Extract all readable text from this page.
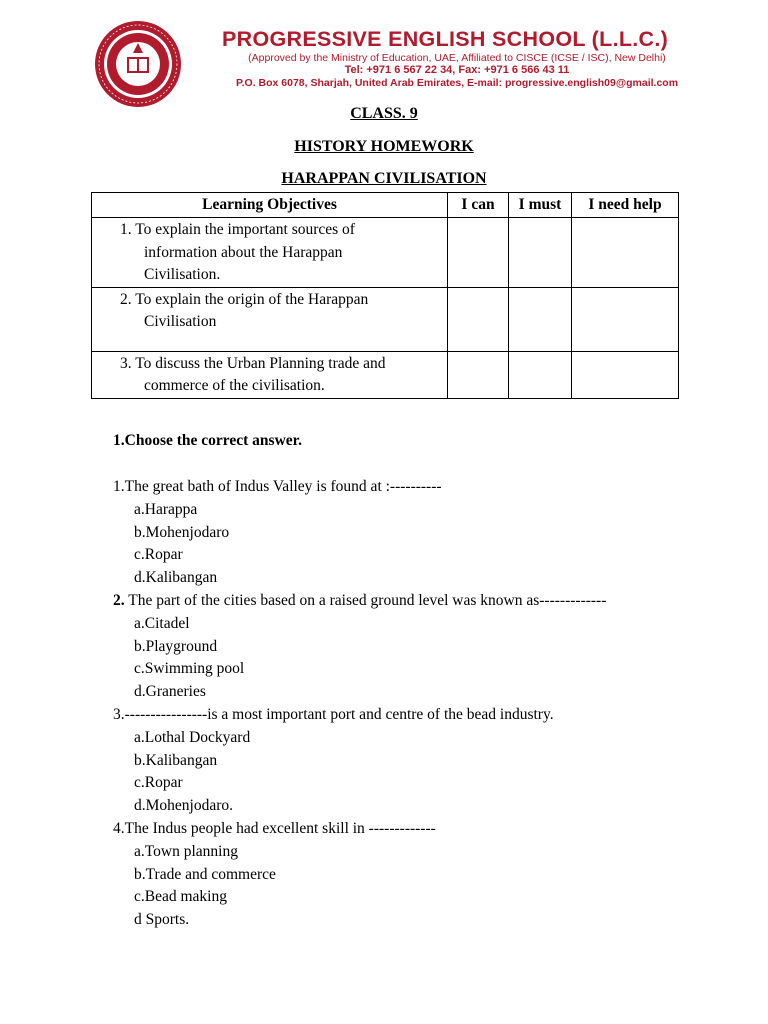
PROGRESSIVE ENGLISH SCHOOL (L.L.C.)
(Approved by the Ministry of Education, UAE, Affiliated to CISCE (ICSE / ISC), New Delhi)
Tel: +971 6 567 22 34, Fax: +971 6 566 43 11
P.O. Box 6078, Sharjah, United Arab Emirates, E-mail: progressive.english09@gmail.com
CLASS. 9
HISTORY HOMEWORK
HARAPPAN CIVILISATION
Learning Objectives	I can	I must	I need help

1. To explain the important sources of
information about the Harappan
Civilisation.			

2. To explain the origin of the Harappan
Civilisation			

3. To discuss the Urban Planning trade and
commerce of the civilisation.			

1.Choose the correct answer.
1.The great bath of Indus Valley is found at :----------
a.Harappa
b.Mohenjodaro
c.Ropar
d.Kalibangan
2. The part of the cities based on a raised ground level was known as-------------
a.Citadel
b.Playground
c.Swimming pool
d.Graneries
3.----------------is a most important port and centre of the bead industry.
a.Lothal Dockyard
b.Kalibangan
c.Ropar
d.Mohenjodaro.
4.The Indus people had excellent skill in -------------
a.Town planning
b.Trade and commerce
c.Bead making
d Sports.
